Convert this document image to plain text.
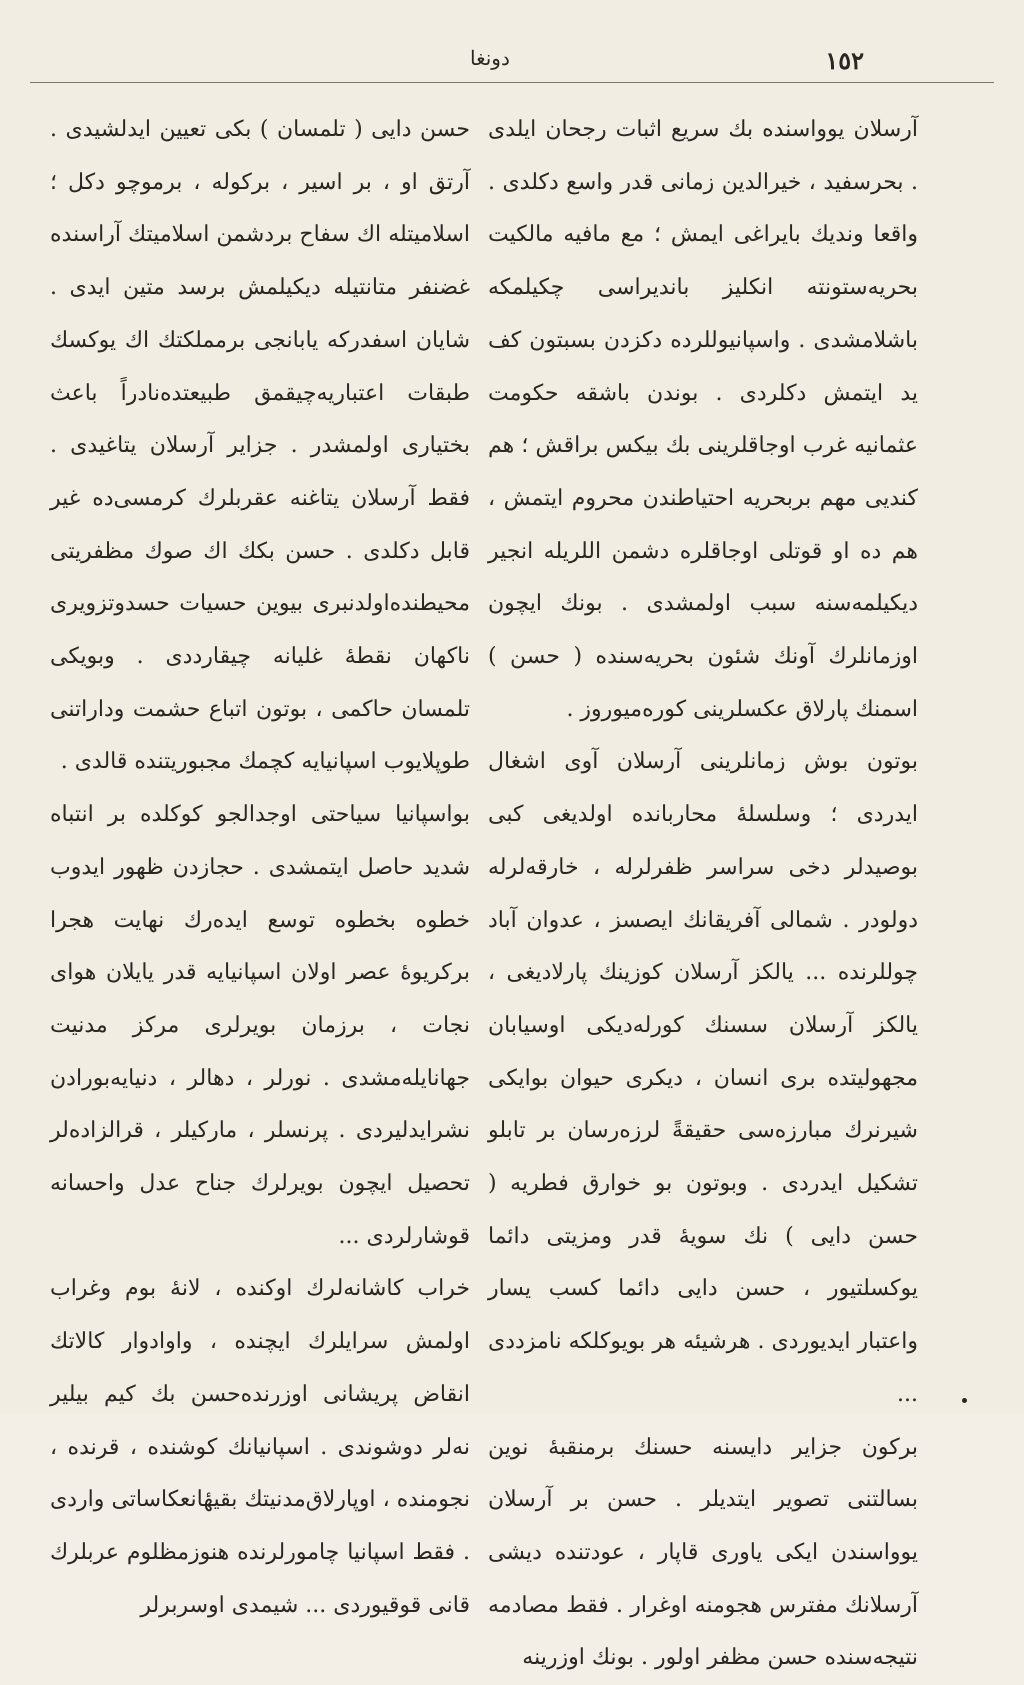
دونغا	١٥٢

آرسلان يوواسنده بك سريع اثبات رجحان ايلدى . بحرسفيد ، خيرالدين زمانى قدر واسع دكلدى . واقعا ونديك بايراغى ايمش ؛ مع مافيه مالكيت بحريه‌ستونته انكليز باندیراسی چکیلمکه باشلامشدی . واسپانیوللرده دکزدن بسبتون کف يد ايتمش دكلردى . بوندن باشقه حكومت عثمانيه غرب اوجاقلرينى بك بيكس براقش ؛ هم كنديى مهم بربحريه احتياطندن محروم ايتمش ، هم ده او قوتلى اوجاقلره دشمن اللريله انجير ديكيلمه‌سنه سبب اولمشدى . بونك ايچون اوزمانلرك آونك شئون بحريه‌سنده ( حسن ) اسمنك پارلاق عكسلرينى كوره‌ميوروز .

بوتون بوش زمانلرينى آرسلان آوى اشغال ايدردى ؛ وسلسله‌ٔ محاربانده اولدیغی كبى بوصيدلر دخى سراسر ظفرلرله ، خارقه‌لرله دولودر . شمالى آفريقانك ايصسز ، عدوان آباد چوللرنده ... يالكز آرسلان كوزينك پارلادیغی ، يالكز آرسلان سسنك كورله‌دیکی اوسیابان مجهولیتده برى انسان ، ديكرى حيوان بوايكى شيرنرك مبارزه‌سى حقيقةً لرزه‌رسان بر تابلو تشكيل ايدردى . وبوتون بو خوارق فطريه ( حسن دايى ) نك سويهٔ قدر ومزيتى دائما يوكسلتيور ، حسن دايى دائما كسب يسار واعتبار ايديوردى . هرشيئه هر بويوكلكه نامزددى ...

بركون جزاير دايسنه حسنك برمنقبهٔ نوين بسالتنى تصوير ايتديلر . حسن بر آرسلان يوواسندن ايكى ياورى قاپار ، عودتنده ديشى آرسلانك مفترس هجومنه اوغرار . فقط مصادمه نتيجه‌سنده حسن مظفر اولور . بونك اوزرينه

حسن دايى ( تلمسان ) بكى تعيين ايدلشيدى . آرتق او ، بر اسير ، بركوله ، برموچو دكل ؛ اسلاميتله اك سفاح بردشمن اسلاميتك آراسنده غضنفر متانتيله ديكيلمش برسد متين ايدى . شايان اسفدركه يابانجى برمملكتك اك يوكسك طبقات اعتباريه‌چيقمق طبيعتده‌نادراً باعث بختيارى اولمشدر . جزاير آرسلان يتاغيدى . فقط آرسلان يتاغنه عقربلرك كرمسى‌ده غير قابل دكلدى . حسن بكك اك صوك مظفريتى محيطنده‌اولدنبرى بيوين حسيات حسدوتزويرى ناكهان نقطهٔ غليانه چيقارددى . وبويكى تلمسان حاكمى ، بوتون اتباع حشمت وداراتنى طوپلايوب اسپانيايه كچمك مجبوريتنده قالدى .

بواسپانيا سياحتى اوجدالجو كوكلده بر انتباه شديد حاصل ايتمشدى . حجازدن ظهور ايدوب خطوه بخطوه توسع ايدەرك نهايت هجرا بركريوهٔ عصر اولان اسپانيايه قدر يايلان هواى نجات ، برزمان بويرلرى مركز مدنيت جهانايله‌مشدى . نورلر ، دهالر ، دنيايه‌بورادن نشرايدلیردى . پرنسلر ، ماركيلر ، قرالزاده‌لر تحصيل ايچون بويرلرك جناح عدل واحسانه قوشارلردى ...

خراب كاشانه‌لرك اوكنده ، لانهٔ بوم وغراب اولمش سرايلرك ايچنده ، واوادوار كالاتك انقاض پريشانى اوزرنده‌حسن بك كيم بيلير نه‌لر دوشوندى . اسپانيانك كوشنده ، قرنده ، نجومنده ، اوپارلاق‌مدنيتك بقيهٔانعكاساتى واردى . فقط اسپانيا چامورلرنده هنوزمظلوم عربلرك قانى قوقيوردى ... شيمدى اوسربرلر
